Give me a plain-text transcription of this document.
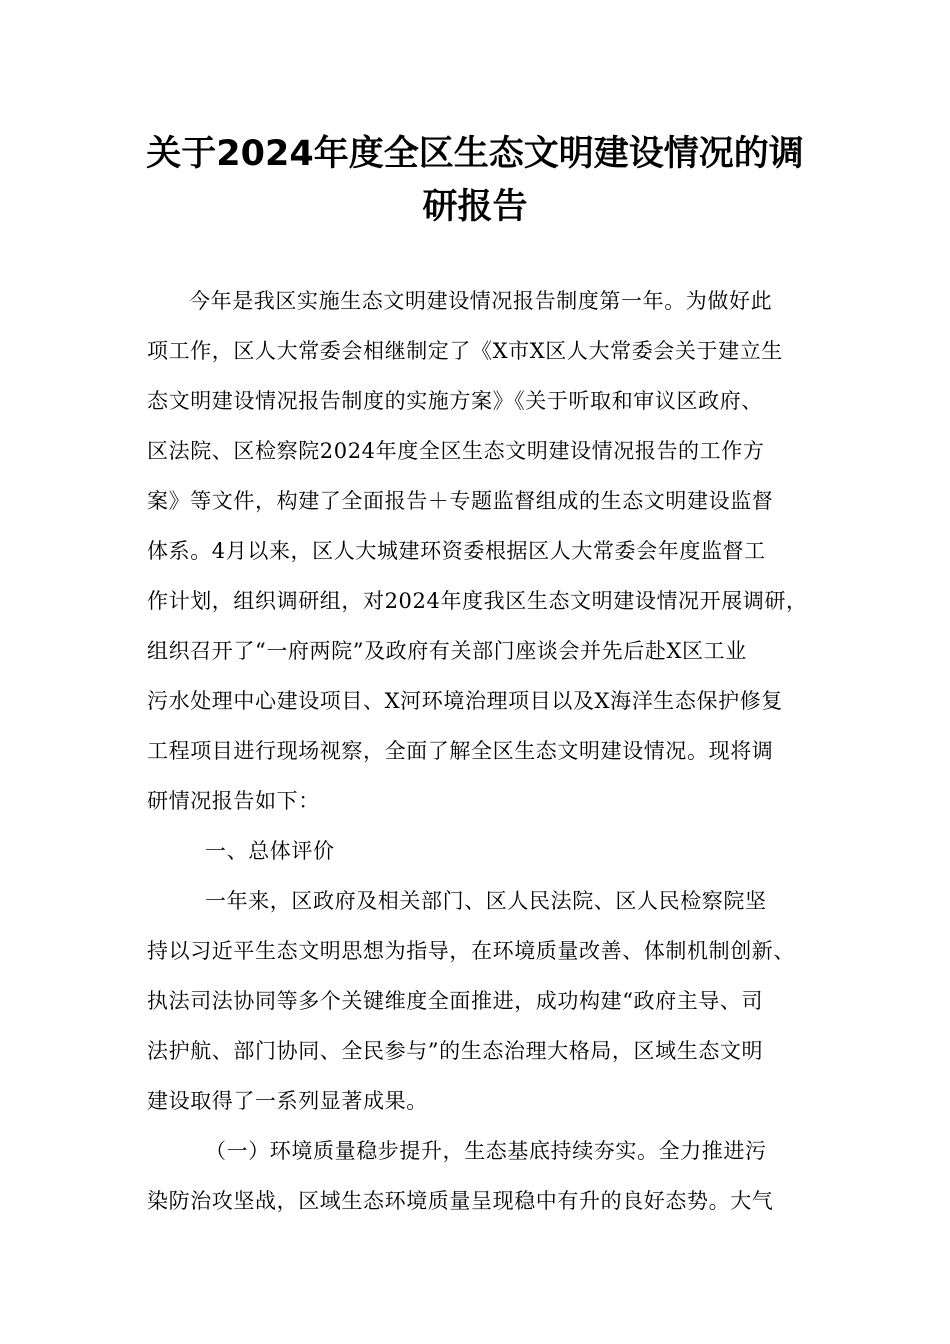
关于2024年度全区生态文明建设情况的调
研报告
今年是我区实施生态文明建设情况报告制度第一年。为做好此
项工作，区人大常委会相继制定了《X市X区人大常委会关于建立生
态文明建设情况报告制度的实施方案》《关于听取和审议区政府、
区法院、区检察院2024年度全区生态文明建设情况报告的工作方
案》等文件，构建了全面报告＋专题监督组成的生态文明建设监督
体系。4月以来，区人大城建环资委根据区人大常委会年度监督工
作计划，组织调研组，对2024年度我区生态文明建设情况开展调研，
组织召开了“一府两院”及政府有关部门座谈会并先后赴X区工业
污水处理中心建设项目、X河环境治理项目以及X海洋生态保护修复
工程项目进行现场视察，全面了解全区生态文明建设情况。现将调
研情况报告如下：
一、总体评价
一年来，区政府及相关部门、区人民法院、区人民检察院坚
持以习近平生态文明思想为指导，在环境质量改善、体制机制创新、
执法司法协同等多个关键维度全面推进，成功构建“政府主导、司
法护航、部门协同、全民参与”的生态治理大格局，区域生态文明
建设取得了一系列显著成果。
（一）环境质量稳步提升，生态基底持续夯实。全力推进污
染防治攻坚战，区域生态环境质量呈现稳中有升的良好态势。大气
